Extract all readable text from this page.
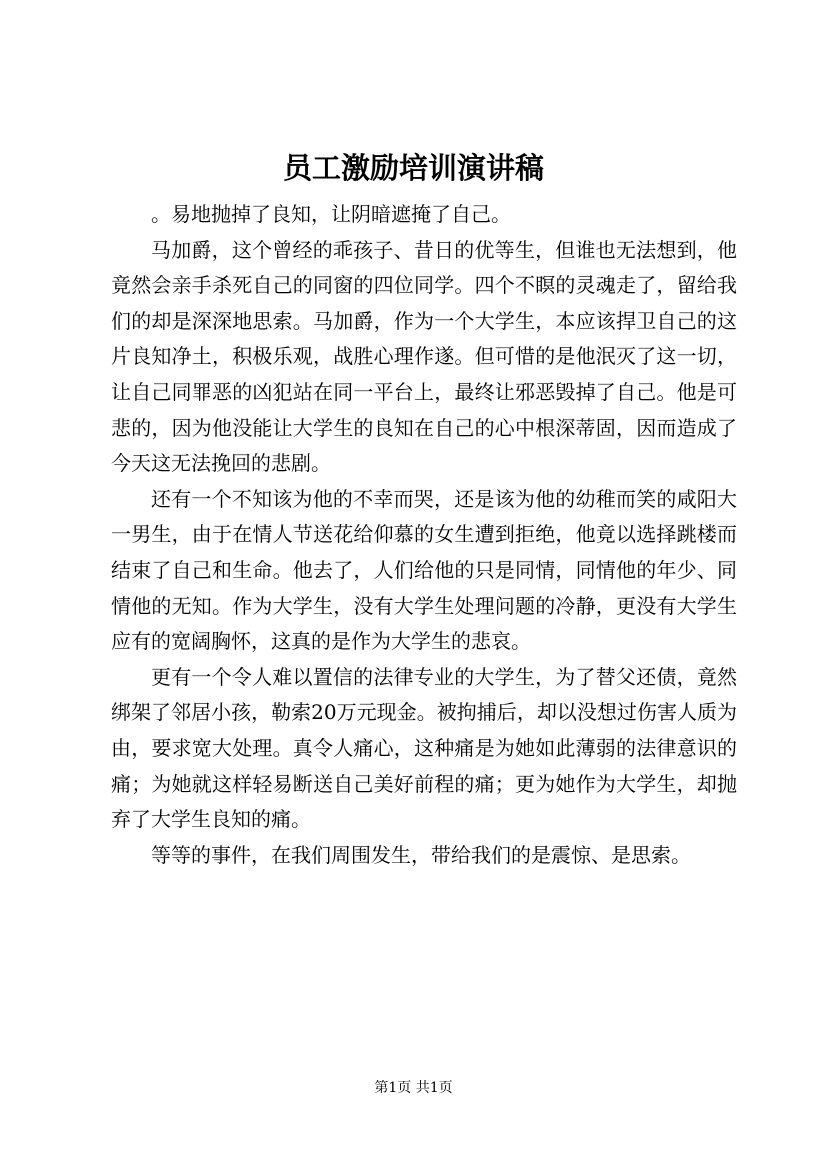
员工激励培训演讲稿

。易地抛掉了良知，让阴暗遮掩了自己。

马加爵，这个曾经的乖孩子、昔日的优等生，但谁也无法想到，他竟然会亲手杀死自己的同窗的四位同学。四个不瞑的灵魂走了，留给我们的却是深深地思索。马加爵，作为一个大学生，本应该捍卫自己的这片良知净土，积极乐观，战胜心理作遂。但可惜的是他泯灭了这一切，让自己同罪恶的凶犯站在同一平台上，最终让邪恶毁掉了自己。他是可悲的，因为他没能让大学生的良知在自己的心中根深蒂固，因而造成了今天这无法挽回的悲剧。

还有一个不知该为他的不幸而哭，还是该为他的幼稚而笑的咸阳大一男生，由于在情人节送花给仰慕的女生遭到拒绝，他竟以选择跳楼而结束了自己和生命。他去了，人们给他的只是同情，同情他的年少、同情他的无知。作为大学生，没有大学生处理问题的冷静，更没有大学生应有的宽阔胸怀，这真的是作为大学生的悲哀。

更有一个令人难以置信的法律专业的大学生，为了替父还债，竟然绑架了邻居小孩，勒索20万元现金。被拘捕后，却以没想过伤害人质为由，要求宽大处理。真令人痛心，这种痛是为她如此薄弱的法律意识的痛；为她就这样轻易断送自己美好前程的痛；更为她作为大学生，却抛弃了大学生良知的痛。

等等的事件，在我们周围发生，带给我们的是震惊、是思索。

第1页 共1页
